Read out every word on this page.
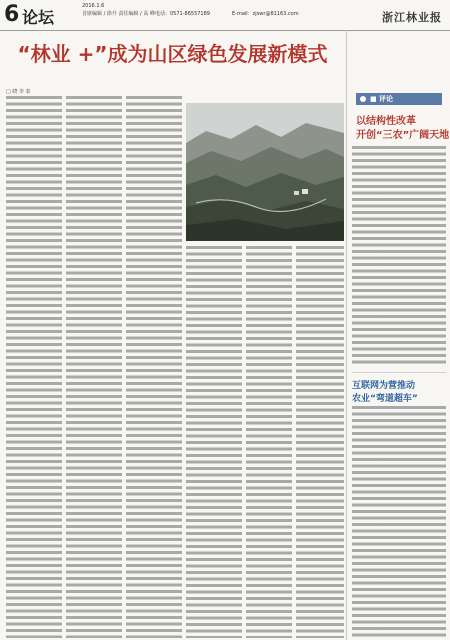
6 论坛
2016.1.6
首席编辑 / 徐升 责任编辑 / 高 峰 电话：0571-86557189	E-mail：zjswr@81163.com	浙江林业报
“林业 +”成为山区绿色发展新模式
□ 晓 李 泰
■ 评论
以结构性改革
开创“三农”广阔天地
互联网为营推动
农业“弯道超车”
